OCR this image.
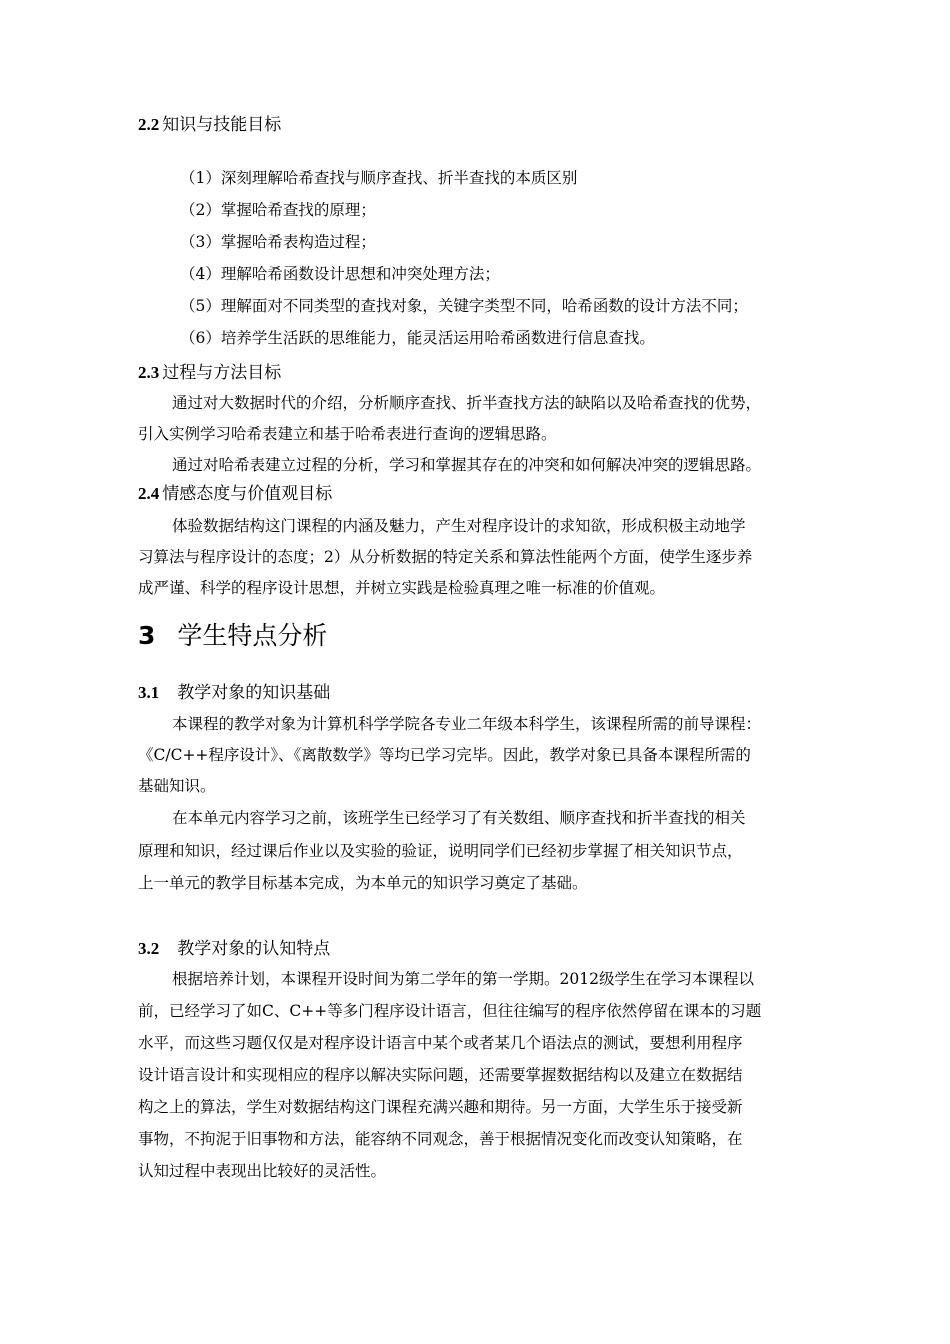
2.2 知识与技能目标
（1）深刻理解哈希查找与顺序查找、折半查找的本质区别
（2）掌握哈希查找的原理；
（3）掌握哈希表构造过程；
（4）理解哈希函数设计思想和冲突处理方法；
（5）理解面对不同类型的查找对象，关键字类型不同，哈希函数的设计方法不同；
（6）培养学生活跃的思维能力，能灵活运用哈希函数进行信息查找。
2.3 过程与方法目标
通过对大数据时代的介绍，分析顺序查找、折半查找方法的缺陷以及哈希查找的优势，
引入实例学习哈希表建立和基于哈希表进行查询的逻辑思路。
通过对哈希表建立过程的分析，学习和掌握其存在的冲突和如何解决冲突的逻辑思路。
2.4 情感态度与价值观目标
体验数据结构这门课程的内涵及魅力，产生对程序设计的求知欲，形成积极主动地学
习算法与程序设计的态度；2）从分析数据的特定关系和算法性能两个方面，使学生逐步养
成严谨、科学的程序设计思想，并树立实践是检验真理之唯一标准的价值观。
3 学生特点分析
3.1 教学对象的知识基础
本课程的教学对象为计算机科学学院各专业二年级本科学生，该课程所需的前导课程：
《C/C++程序设计》、《离散数学》等均已学习完毕。因此，教学对象已具备本课程所需的
基础知识。
在本单元内容学习之前，该班学生已经学习了有关数组、顺序查找和折半查找的相关
原理和知识，经过课后作业以及实验的验证，说明同学们已经初步掌握了相关知识节点，
上一单元的教学目标基本完成，为本单元的知识学习奠定了基础。
3.2 教学对象的认知特点
根据培养计划，本课程开设时间为第二学年的第一学期。2012级学生在学习本课程以
前，已经学习了如C、C++等多门程序设计语言，但往往编写的程序依然停留在课本的习题
水平，而这些习题仅仅是对程序设计语言中某个或者某几个语法点的测试，要想利用程序
设计语言设计和实现相应的程序以解决实际问题，还需要掌握数据结构以及建立在数据结
构之上的算法，学生对数据结构这门课程充满兴趣和期待。另一方面，大学生乐于接受新
事物，不拘泥于旧事物和方法，能容纳不同观念，善于根据情况变化而改变认知策略，在
认知过程中表现出比较好的灵活性。
